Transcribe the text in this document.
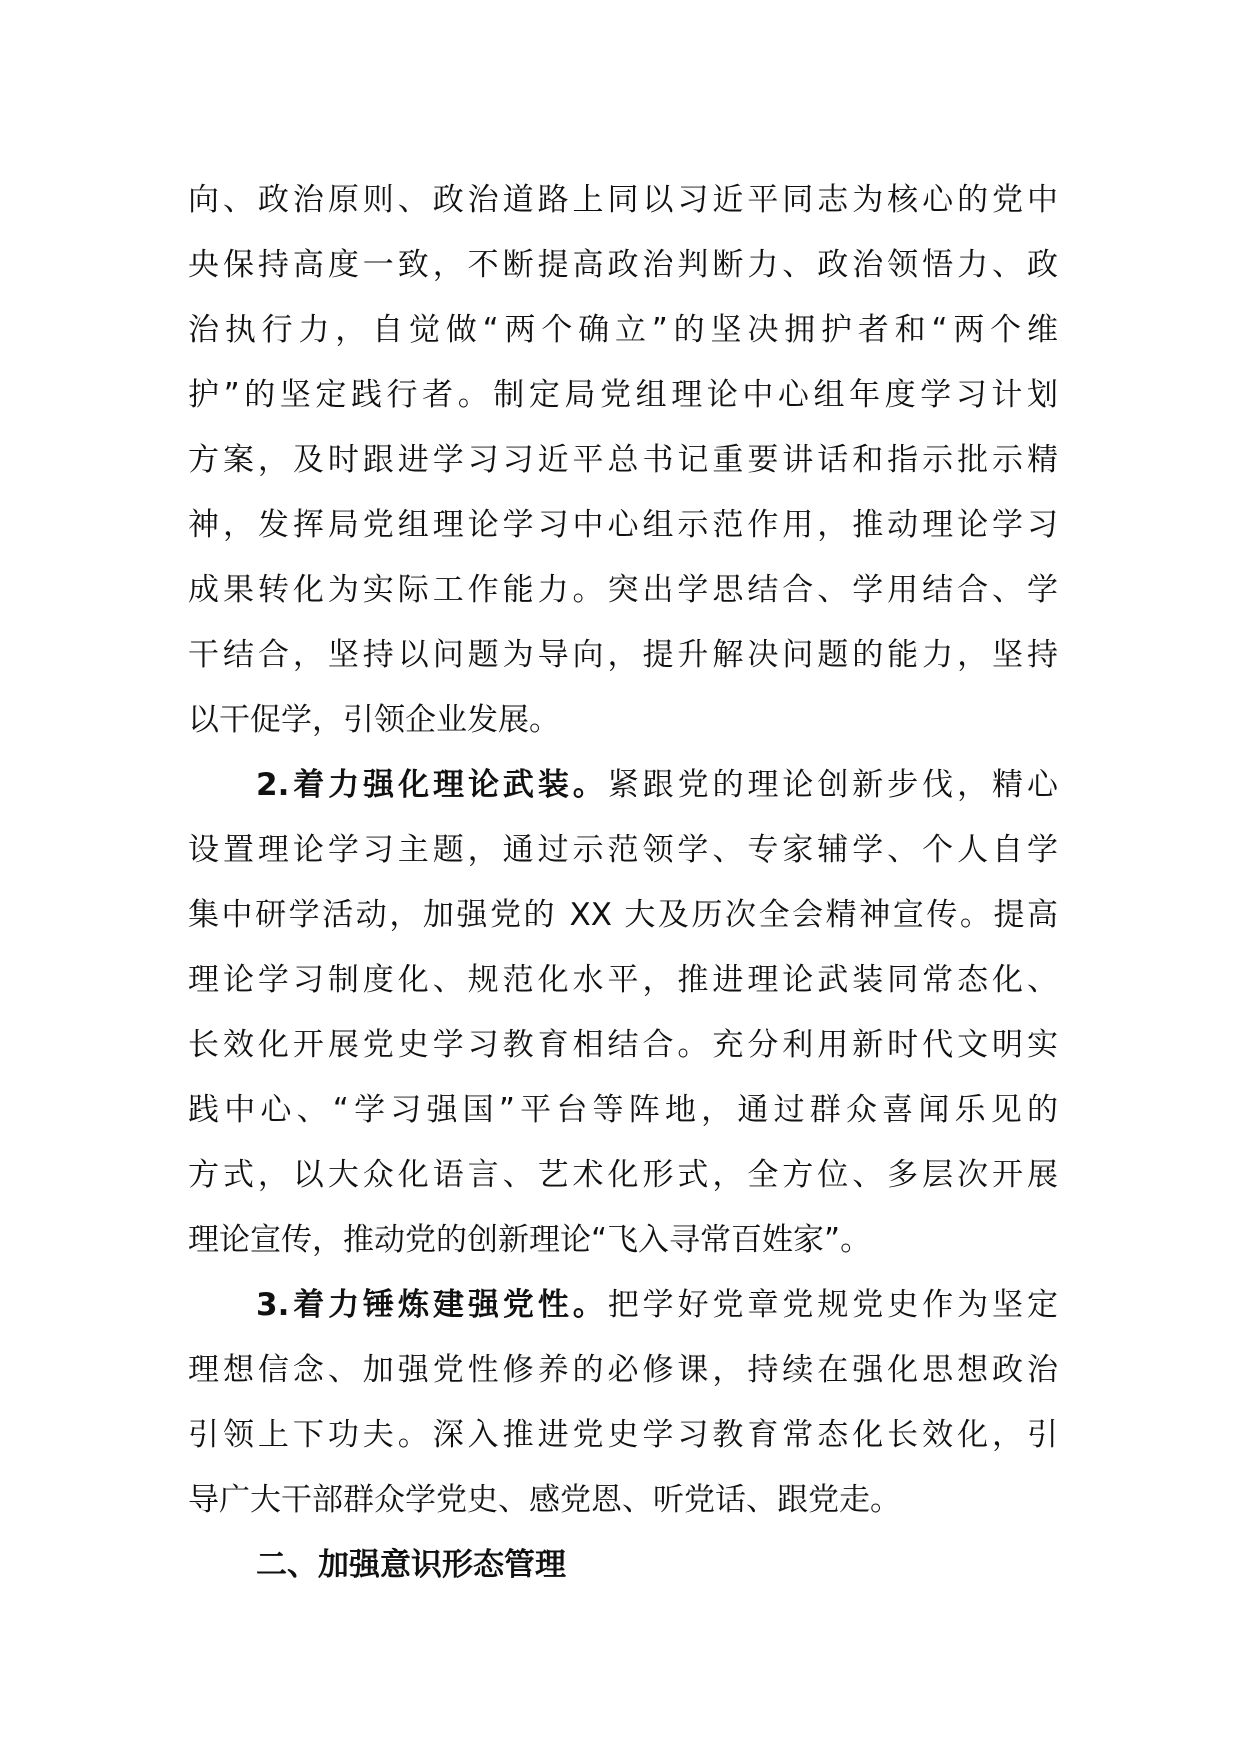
向、政治原则、政治道路上同以习近平同志为核心的党中
央保持高度一致，不断提高政治判断力、政治领悟力、政
治执行力，自觉做“两个确立”的坚决拥护者和“两个维
护”的坚定践行者。制定局党组理论中心组年度学习计划
方案，及时跟进学习习近平总书记重要讲话和指示批示精
神，发挥局党组理论学习中心组示范作用，推动理论学习
成果转化为实际工作能力。突出学思结合、学用结合、学
干结合，坚持以问题为导向，提升解决问题的能力，坚持
以干促学，引领企业发展。
2.着力强化理论武装。紧跟党的理论创新步伐，精心
设置理论学习主题，通过示范领学、专家辅学、个人自学
集中研学活动，加强党的 XX 大及历次全会精神宣传。提高
理论学习制度化、规范化水平，推进理论武装同常态化、
长效化开展党史学习教育相结合。充分利用新时代文明实
践中心、“学习强国”平台等阵地，通过群众喜闻乐见的
方式，以大众化语言、艺术化形式，全方位、多层次开展
理论宣传，推动党的创新理论“飞入寻常百姓家”。
3.着力锤炼建强党性。把学好党章党规党史作为坚定
理想信念、加强党性修养的必修课，持续在强化思想政治
引领上下功夫。深入推进党史学习教育常态化长效化，引
导广大干部群众学党史、感党恩、听党话、跟党走。
二、加强意识形态管理
